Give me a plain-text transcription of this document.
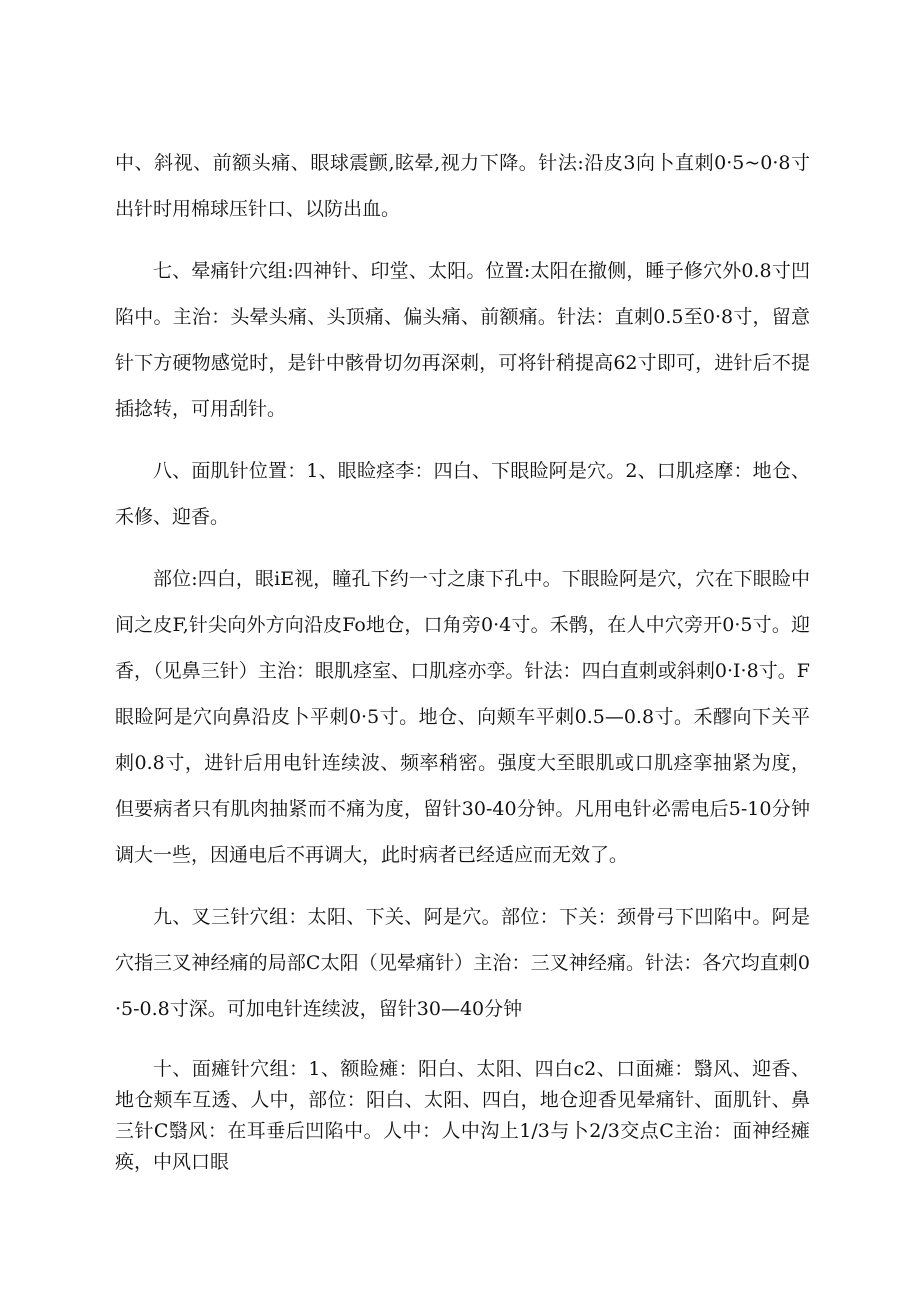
中、斜视、前额头痛、眼球震颤,眩晕,视力下降。针法:沿皮3向卜直刺0·5~0·8寸出针时用棉球压针口、以防出血。

七、晕痛针穴组:四神针、印堂、太阳。位置:太阳在撤侧，睡子修穴外0.8寸凹陷中。主治：头晕头痛、头顶痛、偏头痛、前额痛。针法：直刺0.5至0·8寸，留意针下方硬物感觉时，是针中骸骨切勿再深刺，可将针稍提高62寸即可，进针后不提插捻转，可用刮针。

八、面肌针位置：1、眼睑痉李：四白、下眼睑阿是穴。2、口肌痉摩：地仓、禾修、迎香。

部位:四白，眼iE视，瞳孔下约一寸之康下孔中。下眼睑阿是穴，穴在下眼睑中间之皮F,针尖向外方向沿皮Fo地仓，口角旁0·4寸。禾鹘，在人中穴旁开0·5寸。迎香，（见鼻三针）主治：眼肌痉室、口肌痉亦孪。针法：四白直刺或斜刺0·I·8寸。F眼睑阿是穴向鼻沿皮卜平刺0·5寸。地仓、向颊车平刺0.5—0.8寸。禾醪向下关平刺0.8寸，进针后用电针连续波、频率稍密。强度大至眼肌或口肌痉挛抽紧为度，但要病者只有肌肉抽紧而不痛为度，留针30-40分钟。凡用电针必需电后5-10分钟调大一些，因通电后不再调大，此时病者已经适应而无效了。

九、叉三针穴组：太阳、下关、阿是穴。部位：下关：颈骨弓下凹陷中。阿是穴指三叉神经痛的局部C太阳（见晕痛针）主治：三叉神经痛。针法：各穴均直刺0·5-0.8寸深。可加电针连续波，留针30—40分钟

十、面瘫针穴组：1、额睑瘫：阳白、太阳、四白c2、口面瘫：翳风、迎香、地仓颊车互透、人中，部位：阳白、太阳、四白，地仓迎香见晕痛针、面肌针、鼻三针C翳风：在耳垂后凹陷中。人中：人中沟上1/3与卜2/3交点C主治：面神经瘫痪，中风口眼
